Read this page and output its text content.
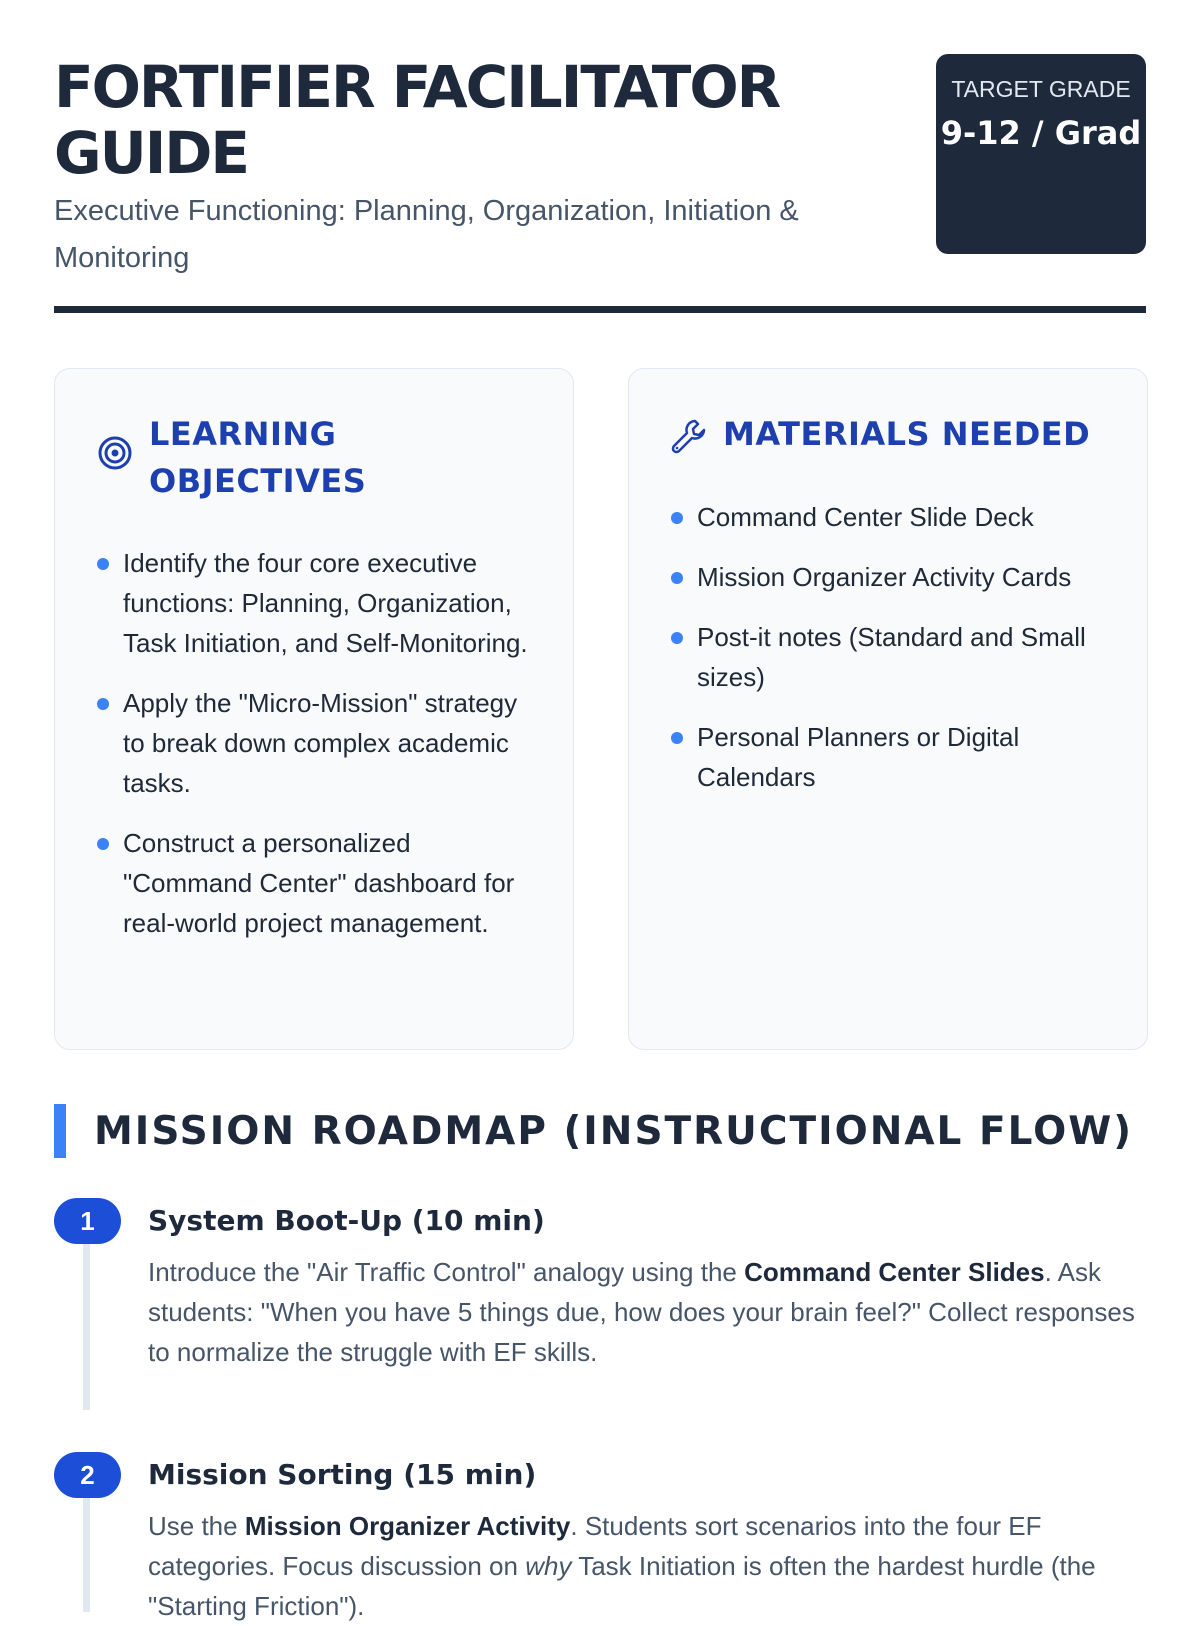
FORTIFIER FACILITATOR GUIDE
Executive Functioning: Planning, Organization, Initiation & Monitoring
TARGET GRADE
9-12 / Grad
LEARNING OBJECTIVES
Identify the four core executive functions: Planning, Organization, Task Initiation, and Self-Monitoring.
Apply the "Micro-Mission" strategy to break down complex academic tasks.
Construct a personalized "Command Center" dashboard for real-world project management.
MATERIALS NEEDED
Command Center Slide Deck
Mission Organizer Activity Cards
Post-it notes (Standard and Small sizes)
Personal Planners or Digital Calendars
MISSION ROADMAP (INSTRUCTIONAL FLOW)
1	System Boot-Up (10 min)

Introduce the "Air Traffic Control" analogy using the Command Center Slides. Ask students: "When you have 5 things due, how does your brain feel?" Collect responses to normalize the struggle with EF skills.

2	Mission Sorting (15 min)

Use the Mission Organizer Activity. Students sort scenarios into the four EF categories. Focus discussion on why Task Initiation is often the hardest hurdle (the "Starting Friction").
